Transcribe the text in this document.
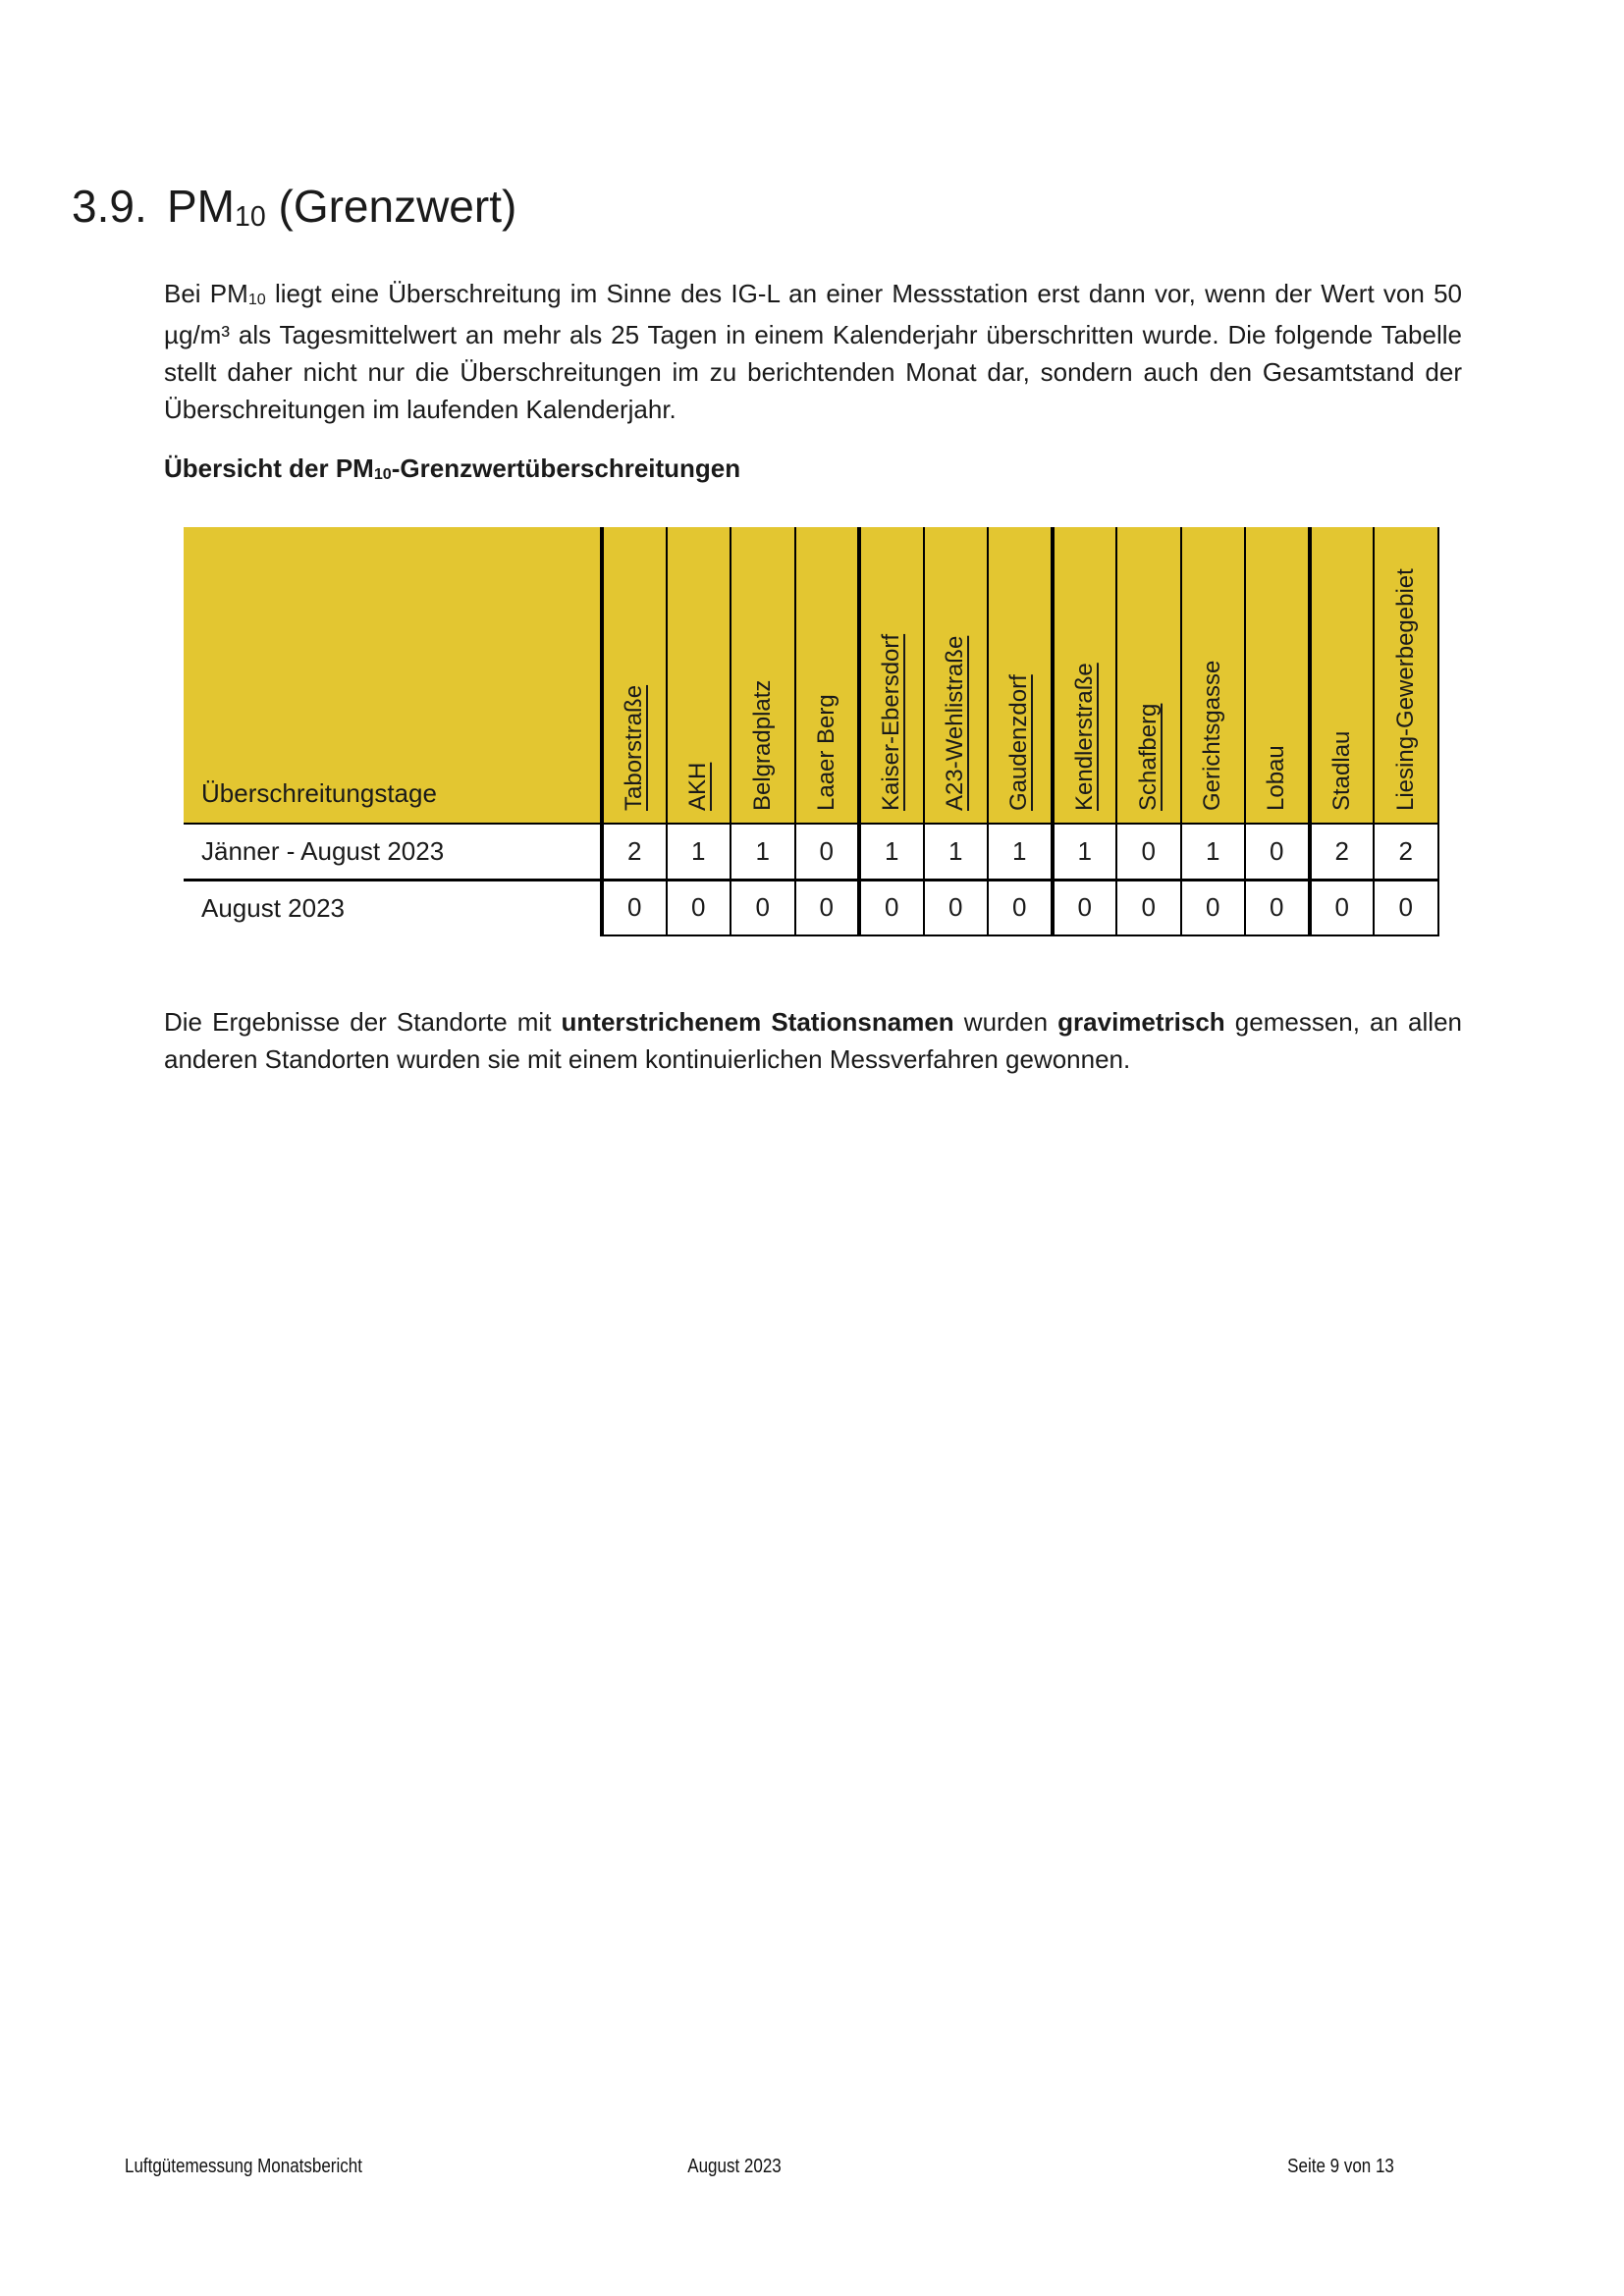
3.9. $PM_{10}$ (Grenzwert)
Bei $PM_{10}$ liegt eine Überschreitung im Sinne des IG-L an einer Messstation erst dann vor, wenn der Wert von 50 µg/m³ als Tagesmittelwert an mehr als 25 Tagen in einem Kalenderjahr überschritten wurde. Die folgende Tabelle stellt daher nicht nur die Überschreitungen im zu berichtenden Monat dar, sondern auch den Gesamtstand der Überschreitungen im laufenden Kalenderjahr.
Übersicht der $PM_{10}$-Grenzwertüberschreitungen
Überschreitungstage	Taborstraße	AKH	Belgradplatz	Laaer Berg	Kaiser-Ebersdorf	A23-Wehlistraße	Gaudenzdorf	Kendlerstraße	Schafberg	Gerichtsgasse	Lobau	Stadlau	Liesing-Gewerbegebiet

Jänner - August 2023	2	1	1	0	1	1	1	1	0	1	0	2	2
August 2023	0	0	0	0	0	0	0	0	0	0	0	0	0
Die Ergebnisse der Standorte mit unterstrichenem Stationsnamen wurden gravimetrisch gemessen, an allen anderen Standorten wurden sie mit einem kontinuierlichen Messverfahren gewonnen.
Luftgütemessung Monatsbericht	August 2023	Seite 9 von 13
